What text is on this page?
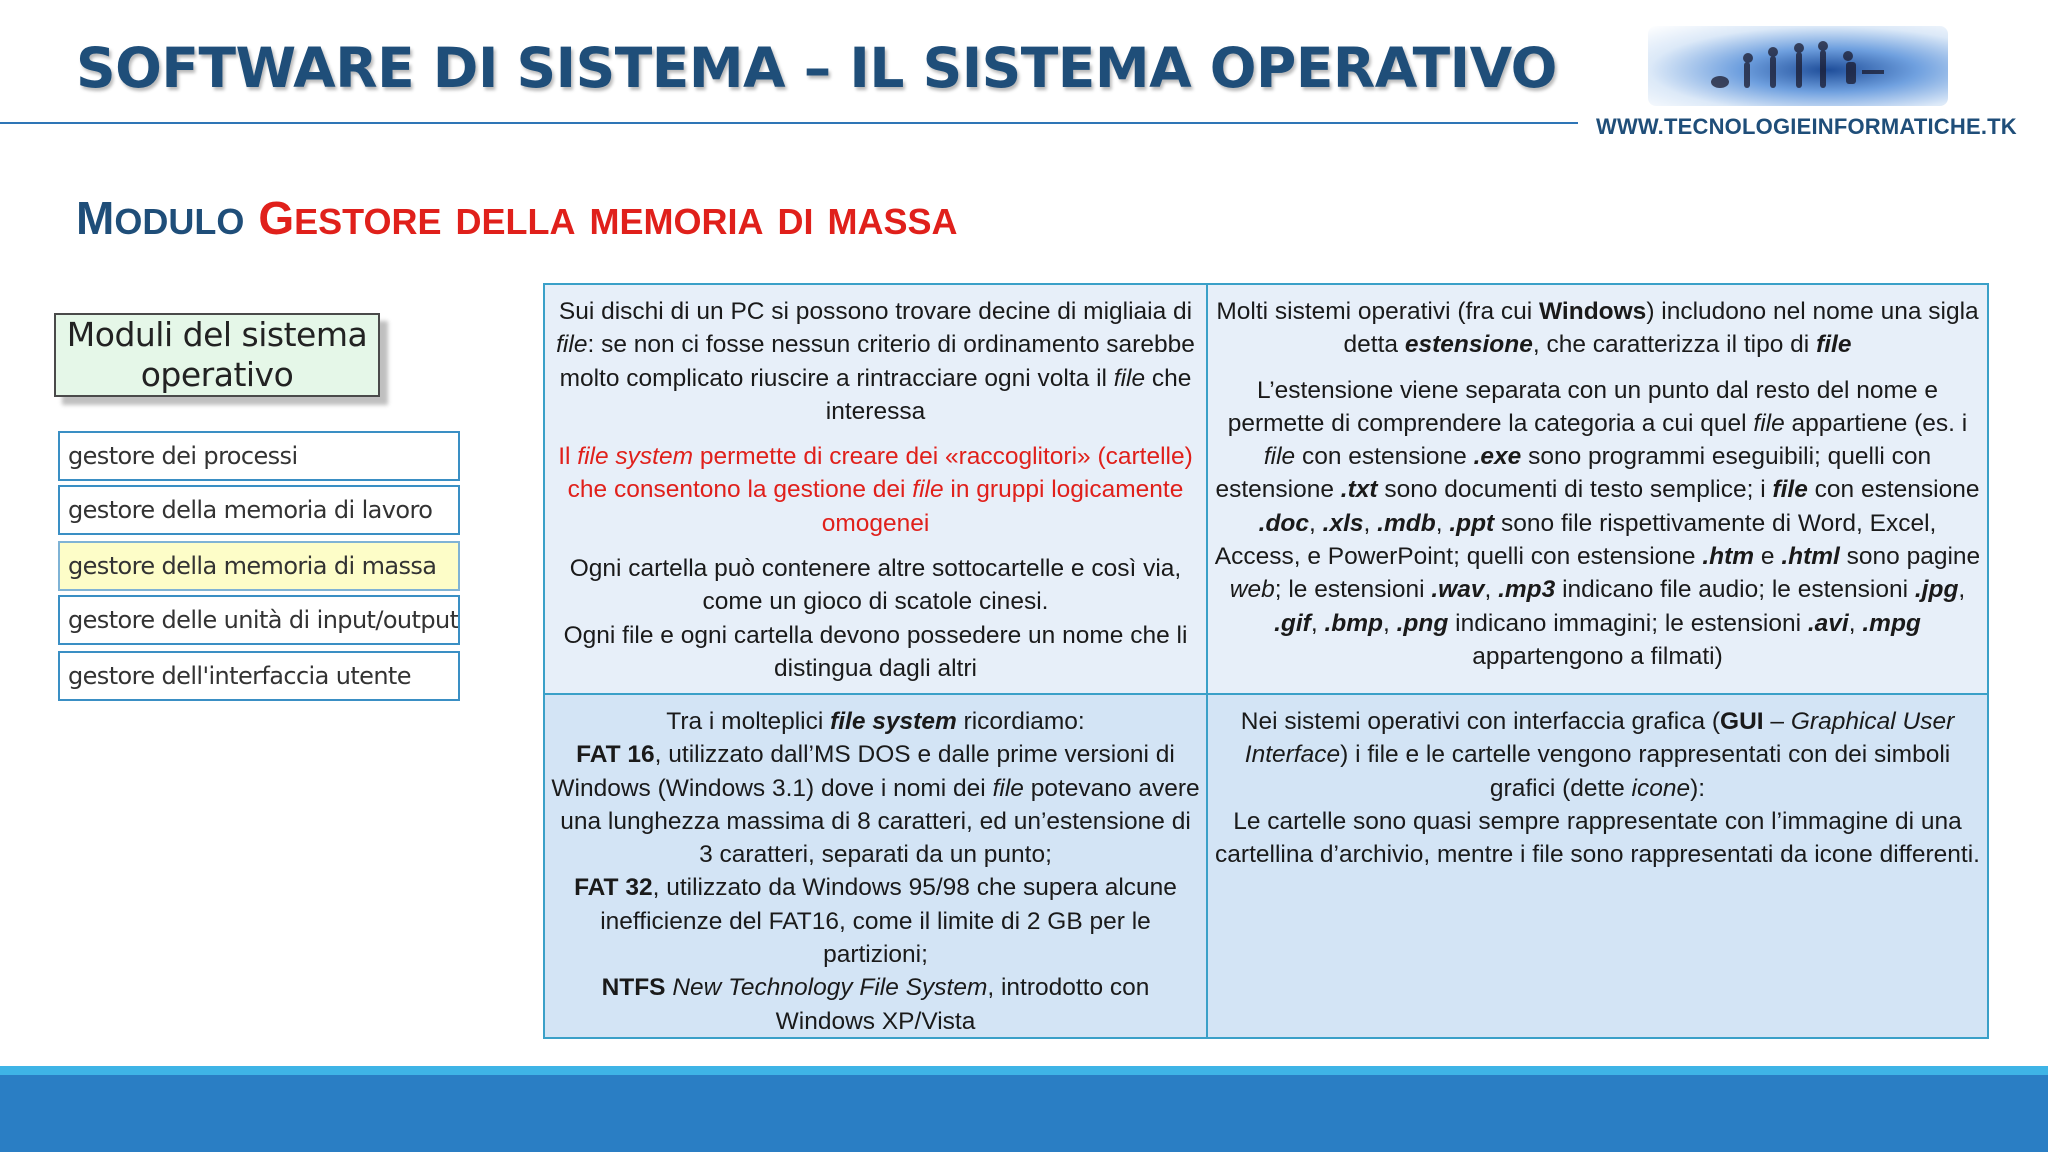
SOFTWARE DI SISTEMA – IL SISTEMA OPERATIVO
WWW.TECNOLOGIEINFORMATICHE.TK
MODULO GESTORE DELLA MEMORIA DI MASSA
Moduli del sistema
operativo
gestore dei processi
gestore della memoria di lavoro
gestore della memoria di massa
gestore delle unità di input/output
gestore dell'interfaccia utente

Sui dischi di un PC si possono trovare decine di migliaia di file: se non ci fosse nessun criterio di ordinamento sarebbe molto complicato riuscire a rintracciare ogni volta il file che interessa

Il file system permette di creare dei «raccoglitori» (cartelle) che consentono la gestione dei file in gruppi logicamente omogenei

Ogni cartella può contenere altre sottocartelle e così via, come un gioco di scatole cinesi.

Ogni file e ogni cartella devono possedere un nome che li distingua dagli altri

Molti sistemi operativi (fra cui Windows) includono nel nome una sigla detta estensione, che caratterizza il tipo di file

L’estensione viene separata con un punto dal resto del nome e permette di comprendere la categoria a cui quel file appartiene (es. i file con estensione .exe sono programmi eseguibili; quelli con estensione .txt sono documenti di testo semplice; i file con estensione .doc, .xls, .mdb, .ppt sono file rispettivamente di Word, Excel, Access, e PowerPoint; quelli con estensione .htm e .html sono pagine web; le estensioni .wav, .mp3 indicano file audio; le estensioni .jpg, .gif, .bmp, .png indicano immagini; le estensioni .avi, .mpg appartengono a filmati)

Tra i molteplici file system ricordiamo:

FAT 16, utilizzato dall’MS DOS e dalle prime versioni di Windows (Windows 3.1) dove i nomi dei file potevano avere una lunghezza massima di 8 caratteri, ed un’estensione di 3 caratteri, separati da un punto;

FAT 32, utilizzato da Windows 95/98 che supera alcune inefficienze del FAT16, come il limite di 2 GB per le partizioni;

NTFS New Technology File System, introdotto con Windows XP/Vista

Nei sistemi operativi con interfaccia grafica (GUI – Graphical User Interface) i file e le cartelle vengono rappresentati con dei simboli grafici (dette icone):

Le cartelle sono quasi sempre rappresentate con l’immagine di una cartellina d’archivio, mentre i file sono rappresentati da icone differenti.
